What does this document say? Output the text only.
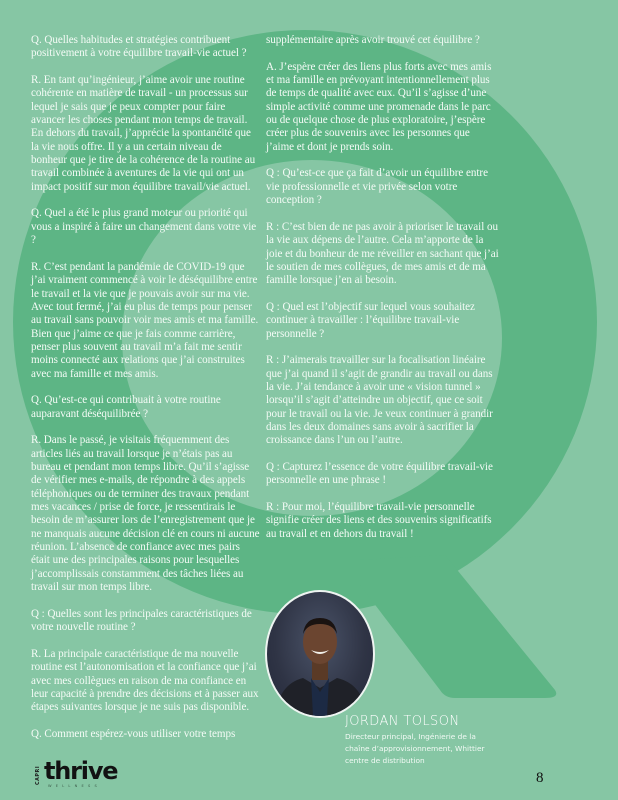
Q. Quelles habitudes et stratégies contribuent positivement à votre équilibre travail-vie actuel ?

R. En tant qu’ingénieur, j’aime avoir une routine cohérente en matière de travail - un processus sur lequel je sais que je peux compter pour faire avancer les choses pendant mon temps de travail. En dehors du travail, j’apprécie la spontanéité que la vie nous offre. Il y a un certain niveau de bonheur que je tire de la cohérence de la routine au travail combinée à aventures de la vie qui ont un impact positif sur mon équilibre travail/vie actuel.

Q. Quel a été le plus grand moteur ou priorité qui vous a inspiré à faire un changement dans votre vie ?

R. C’est pendant la pandémie de COVID-19 que j’ai vraiment commencé à voir le déséquilibre entre le travail et la vie que je pouvais avoir sur ma vie. Avec tout fermé, j’ai eu plus de temps pour penser au travail sans pouvoir voir mes amis et ma famille. Bien que j’aime ce que je fais comme carrière, penser plus souvent au travail m’a fait me sentir moins connecté aux relations que j’ai construites avec ma famille et mes amis.

Q. Qu’est-ce qui contribuait à votre routine auparavant déséquilibrée ?

R. Dans le passé, je visitais fréquemment des articles liés au travail lorsque je n’étais pas au bureau et pendant mon temps libre. Qu’il s’agisse de vérifier mes e-mails, de répondre à des appels téléphoniques ou de terminer des travaux pendant mes vacances / prise de force, je ressentirais le besoin de m’assurer lors de l’enregistrement que je ne manquais aucune décision clé en cours ni aucune réunion. L’absence de confiance avec mes pairs était une des principales raisons pour lesquelles j’accomplissais constamment des tâches liées au travail sur mon temps libre.

Q : Quelles sont les principales caractéristiques de votre nouvelle routine ?

R. La principale caractéristique de ma nouvelle routine est l’autonomisation et la confiance que j’ai avec mes collègues en raison de ma confiance en leur capacité à prendre des décisions et à passer aux étapes suivantes lorsque je ne suis pas disponible.

Q. Comment espérez-vous utiliser votre temps

supplémentaire après avoir trouvé cet équilibre ?

A. J’espère créer des liens plus forts avec mes amis et ma famille en prévoyant intentionnellement plus de temps de qualité avec eux. Qu’il s’agisse d’une simple activité comme une promenade dans le parc ou de quelque chose de plus exploratoire, j’espère créer plus de souvenirs avec les personnes que j’aime et dont je prends soin.

Q : Qu’est-ce que ça fait d’avoir un équilibre entre vie professionnelle et vie privée selon votre conception ?

R : C’est bien de ne pas avoir à prioriser le travail ou la vie aux dépens de l’autre. Cela m’apporte de la joie et du bonheur de me réveiller en sachant que j’ai le soutien de mes collègues, de mes amis et de ma famille lorsque j’en ai besoin.

Q : Quel est l’objectif sur lequel vous souhaitez continuer à travailler : l’équilibre travail-vie personnelle ?

R : J’aimerais travailler sur la focalisation linéaire que j’ai quand il s’agit de grandir au travail ou dans la vie. J’ai tendance à avoir une « vision tunnel » lorsqu’il s’agit d’atteindre un objectif, que ce soit pour le travail ou la vie. Je veux continuer à grandir dans les deux domaines sans avoir à sacrifier la croissance dans l’un ou l’autre.

Q : Capturez l’essence de votre équilibre travail-vie personnelle en une phrase !

R : Pour moi, l’équilibre travail-vie personnelle signifie créer des liens et des souvenirs significatifs au travail et en dehors du travail !

JORDAN TOLSON
Directeur principal, Ingénierie de la chaîne d’approvisionnement, Whittier centre de distribution
CAPRI thrive
WELLNESS	8
